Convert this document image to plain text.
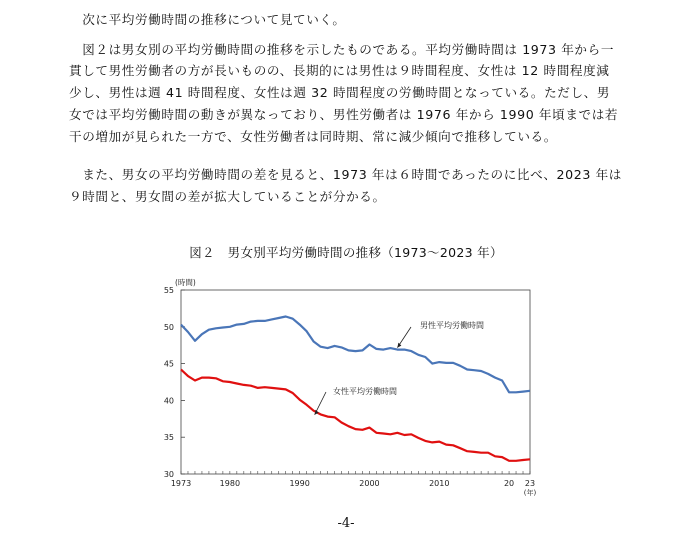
　次に平均労働時間の推移について見ていく。

　図２は男女別の平均労働時間の推移を示したものである。平均労働時間は 1973 年から一

貫して男性労働者の方が長いものの、長期的には男性は９時間程度、女性は 12 時間程度減

少し、男性は週 41 時間程度、女性は週 32 時間程度の労働時間となっている。ただし、男

女では平均労働時間の動きが異なっており、男性労働者は 1976 年から 1990 年頃までは若

干の増加が見られた一方で、女性労働者は同時期、常に減少傾向で推移している。

　また、男女の平均労働時間の差を見ると、1973 年は６時間であったのに比べ、2023 年は

９時間と、男女間の差が拡大していることが分かる。

図２　男女別平均労働時間の推移（1973〜2023 年）
55
50
45
40
35
30
1973	1980	1990	2000	2010	20 23
(時間)
(年)
男性平均労働時間
女性平均労働時間
-4-
